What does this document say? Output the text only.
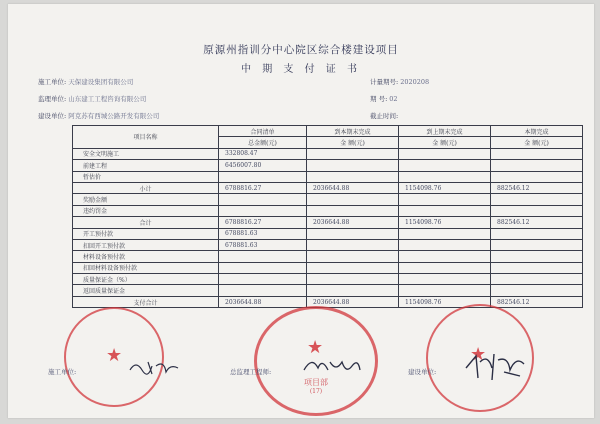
原源州指训分中心院区综合楼建设项目
中 期 支 付 证 书
施工单位: 天保建设集团有限公司
监理单位: 山东建工工程咨询有限公司
建设单位: 阿克苏有西城公路开发有限公司
计量期号: 2020208
期 号: 02
截止时间:
项目名称	合同清单	到本期末完成	到上期末完成	本期完成
	总金额(元)	金 额(元)	金 额(元)	金 额(元)
安全文明施工	332808.47			
前建工程	6456007.80			
暂估价				
小计	6788816.27	2036644.88	1154098.76	882546.12
奖励金额				
违约罚金				
合计	6788816.27	2036644.88	1154098.76	882546.12
开工预付款	678881.63			
扣回开工预付款	678881.63			
材料设备预付款				
扣回材料设备预付款				
质量保证金（%）				
返回质量保证金				
支付合计	2036644.88	2036644.88	1154098.76	882546.12
★	★
项目部
(17)
★
施工单位:	总监理工程师:	建设单位:
